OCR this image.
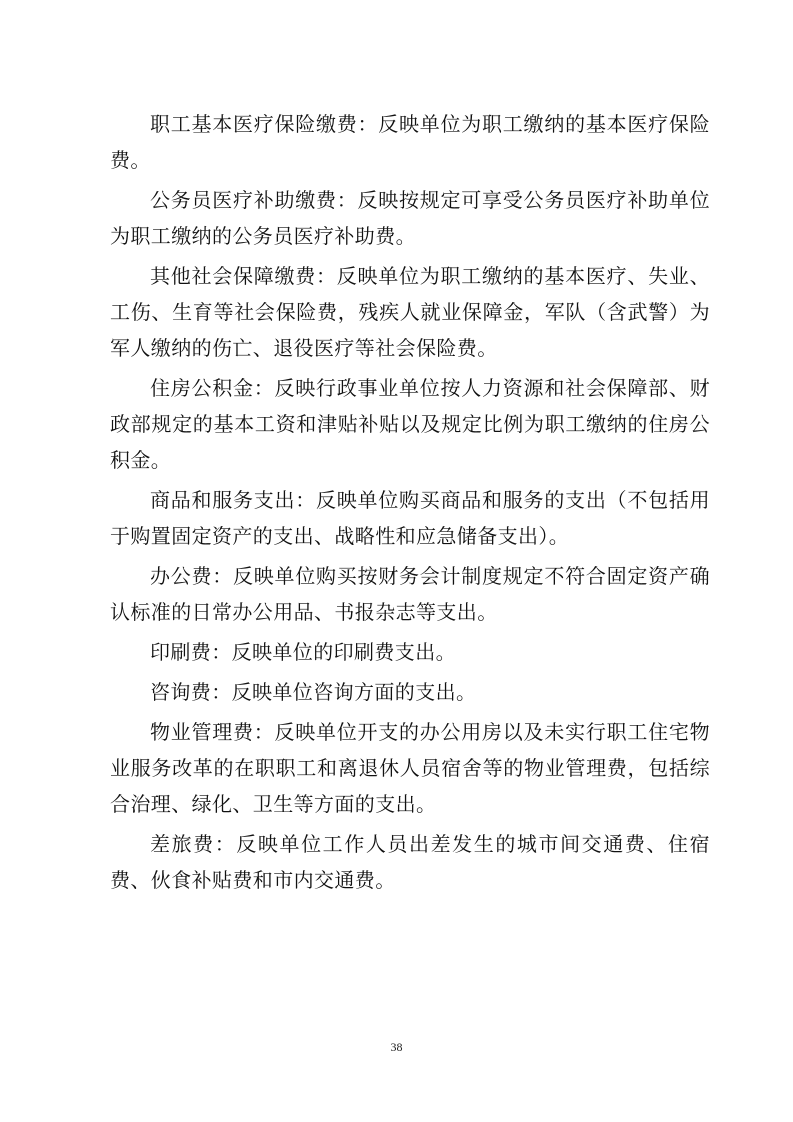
职工基本医疗保险缴费：反映单位为职工缴纳的基本医疗保险费。

公务员医疗补助缴费：反映按规定可享受公务员医疗补助单位为职工缴纳的公务员医疗补助费。

其他社会保障缴费：反映单位为职工缴纳的基本医疗、失业、工伤、生育等社会保险费，残疾人就业保障金，军队（含武警）为军人缴纳的伤亡、退役医疗等社会保险费。

住房公积金：反映行政事业单位按人力资源和社会保障部、财政部规定的基本工资和津贴补贴以及规定比例为职工缴纳的住房公积金。

商品和服务支出：反映单位购买商品和服务的支出（不包括用于购置固定资产的支出、战略性和应急储备支出）。

办公费：反映单位购买按财务会计制度规定不符合固定资产确认标准的日常办公用品、书报杂志等支出。

印刷费：反映单位的印刷费支出。

咨询费：反映单位咨询方面的支出。

物业管理费：反映单位开支的办公用房以及未实行职工住宅物业服务改革的在职职工和离退休人员宿舍等的物业管理费，包括综合治理、绿化、卫生等方面的支出。

差旅费：反映单位工作人员出差发生的城市间交通费、住宿费、伙食补贴费和市内交通费。

38
